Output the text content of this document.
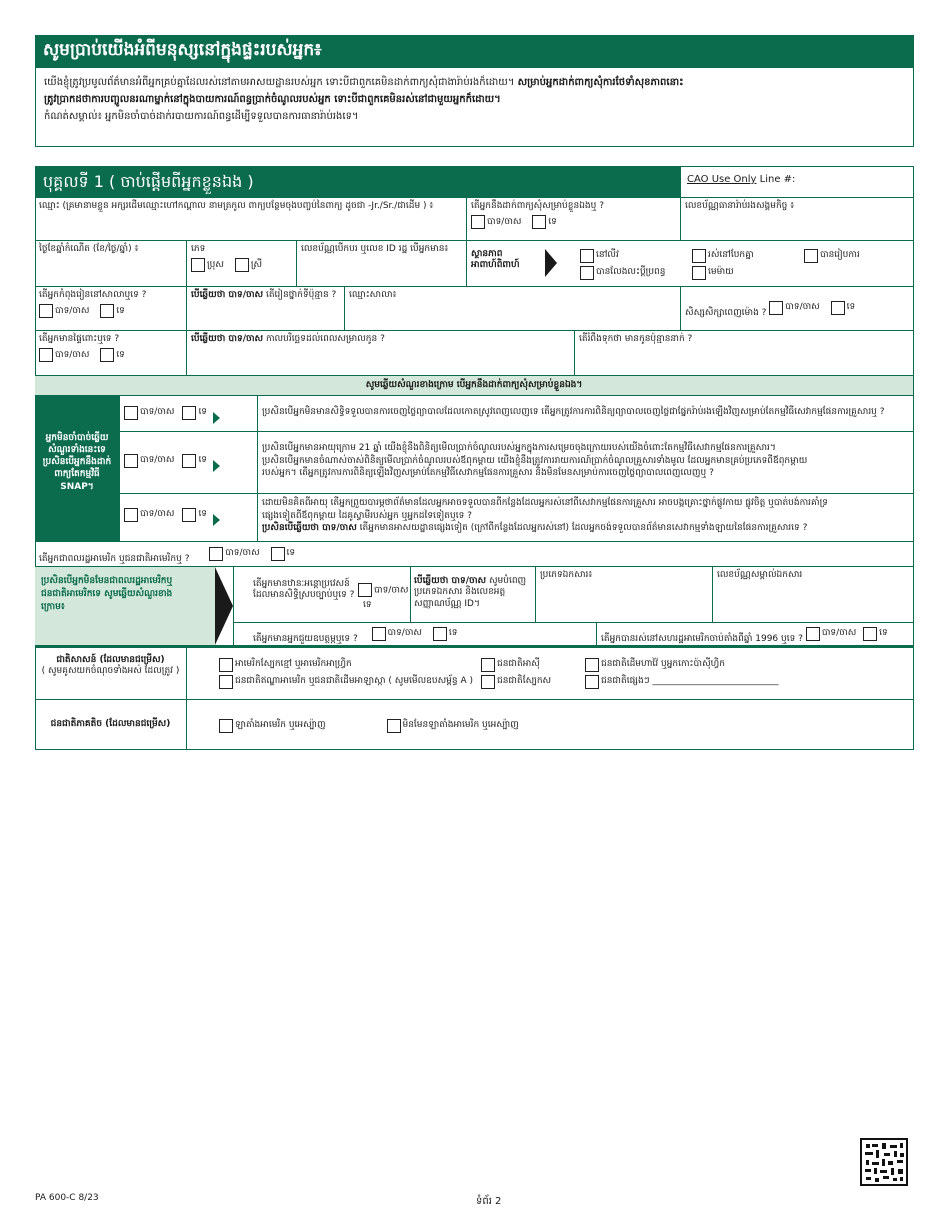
សូមប្រាប់យើងអំពីមនុស្សនៅក្នុងផ្ទះរបស់អ្នក៖
យើងខ្ញុំត្រូវប្រមូលព័ត៌មានអំពីអ្នកគ្រប់គ្នាដែលរស់នៅតាមអាសយដ្ឋានរបស់អ្នក ទោះបីជាពួកគេមិនដាក់ពាក្យសុំជាងារ៉ាប់រងក៏ដោយ។ សម្រាប់អ្នកដាក់ពាក្យសុំការថែទាំសុខភាពនោះ
ត្រូវប្រាកដថាការបញ្ចូលនរណាម្នាក់នៅក្នុងបាយការណ៍ពន្ធប្រាក់ចំណូលរបស់អ្នក ទោះបីជាពួកគេមិនរស់នៅជាមួយអ្នកក៏ដោយ។
កំណត់សម្គាល់៖ អ្នកមិនចាំបាច់ដាក់របាយការណ៍ពន្ធដើម្បីទទួលបានការធានារ៉ាប់រងទេ។
បុគ្គលទី 1 ( ចាប់ផ្តើមពីអ្នកខ្លួនឯង )	CAO Use Only Line #:
ឈ្មោះ (គ្រមានាមខ្លួន អក្សរដើមឈ្មោះហៅកណ្តាល នាមត្រកូល ពាក្យបន្ថែមចុងបញ្ចប់នៃពាក្យ ដូចជា -Jr./Sr./ជាដើម ) ៖	តើអ្នកនឹងដាក់ពាក្យសុំសម្រាប់ខ្លួនឯងឬ ?
បាទ/ចាស
	ទេ
លេខប័ណ្ណធានារ៉ាប់រងសង្គមកិច្ច ៖
ថ្ងៃខែឆ្នាំកំណើត (ខែ/ថ្ងៃ/ឆ្នាំ) ៖	ភេទ
ប្រុស
	ស្រី
លេខប័ណ្ណបើកបរ ឬលេខ ID រដ្ឋ បើអ្នកមាន៖	ស្ថានភាពអាពាហ៍ពិពាហ៍
នៅលីវ	រស់នៅបែកគ្នា	បានរៀបការ
បានលែងលះប្តីប្រពន្ធ	មេម៉ាយ
តើអ្នកកំពុងរៀននៅសាលាឬទេ ?
បាទ/ចាស
	ទេ
បើឆ្លើយថា បាទ/ចាស តើរៀនថ្នាក់ទីប៉ុន្មាន ?	ឈ្មោះសាលា៖
សិស្សសិក្សាពេញម៉ោង ?
បាទ/ចាស
	ទេ
តើអ្នកមានផ្ទៃពោះឬទេ ?
បាទ/ចាស
	ទេ
បើឆ្លើយថា បាទ/ចាស កាលបរិច្ឆេទដល់ពេលសម្រាលកូន ?	តើរំពឹងទុកថា មានកូនប៉ុន្មាននាក់ ?
សូមឆ្លើយសំណួរខាងក្រោម បើអ្នកនឹងដាក់ពាក្យសុំសម្រាប់ខ្លួនឯង។
អ្នកមិនចាំបាច់ឆ្លើយសំណួរទាំងនេះទេ ប្រសិនបើអ្នកនឹងដាក់ពាក្យតែកម្មវិធី SNAP។
បាទ/ចាស	ទេ	ប្រសិនបើអ្នកមិនមានសិទ្ធិទទួលបានការចេញថ្លៃព្យាបាលដែលកោតស្រូវពេញលេញទេ តើអ្នកត្រូវការការពិនិត្យព្យាបាលចេញថ្លៃជាផ្នែករ៉ាប់រងឡើងវិញសម្រាប់តែកម្មវិធីសេវាកម្មផែនការគ្រួសារឬ ?
បាទ/ចាស	ទេ
ប្រសិនបើអ្នកមានអាយុក្រោម 21 ឆ្នាំ យើងខ្ញុំនឹងពិនិត្យមើលប្រាក់ចំណូលរបស់អ្នកក្នុងការសម្រេចចុងក្រោយរបស់យើងចំពោះតែកម្មវិធីសេវាកម្មផែនការគ្រួសារ។
ប្រសិនបើអ្នកមានចំណាស់ចាស់ពិនិត្យមើលប្រាក់ចំណូលរបស់ឪពុកម្តាយ យើងខ្ញុំនឹងត្រូវការរាយការណ៍ប្រាក់ចំណូលគ្រួសារទាំងមូល ដែលអ្នកមានគ្រប់ប្រភេទពីឪពុកម្តាយ
របស់អ្នក។ តើអ្នកត្រូវការការពិនិត្យឡើងវិញសម្រាប់តែកម្មវិធីសេវាកម្មផែនការគ្រួសារ និងមិនមែនសម្រាប់ការចេញថ្លៃព្យាបាលពេញលេញឬ ?
បាទ/ចាស	ទេ
ដោយមិនគិតពីអាយុ តើអ្នកព្រួយបារម្ភថាព័ត៌មានដែលអ្នកអាចទទួលបានពីកន្លែងដែលអ្នករស់នៅពីសេវាកម្មផែនការគ្រួសារ អាចបង្កគ្រោះថ្នាក់ផ្លូវកាយ ផ្លូវចិត្ត ឬបាត់បង់ការគាំទ្រ
ផ្សេងទៀតពីឪពុកម្តាយ ដៃគូស្វាមីរបស់អ្នក ឬអ្នកដទៃទៀតឬទេ ?
ប្រសិនបើឆ្លើយថា បាទ/ចាស តើអ្នកមានអាសយដ្ឋានផ្សេងទៀត (ក្រៅពីកន្លែងដែលអ្នករស់នៅ) ដែលអ្នកចង់ទទួលបានព័ត៌មានសេវាកម្មទាំងឡាយនៃផែនការគ្រួសារទេ ?
តើអ្នកជាពលរដ្ឋអាមេរិក ឬជនជាតិអាមេរិកឬ ?
បាទ/ចាស
	ទេ
ប្រសិនបើអ្នកមិនមែនជាពលរដ្ឋអាមេរិកឬជនជាតិអាមេរិកទេ សូមឆ្លើយសំណួរខាងក្រោម៖
តើអ្នកមានឋានៈអន្តោប្រវេសន៍ដែលមានសិទ្ធិស្របច្បាប់ឬទេ ?	បាទ/ចាស
ទេ
បើឆ្លើយថា បាទ/ចាស សូមបំពេញប្រភេទឯកសារ និងលេខអត្តសញ្ញាណប័ណ្ណ ID។
ប្រភេទឯកសារ៖	លេខប័ណ្ណសម្គាល់ឯកសារ
តើអ្នកមានអ្នកជួយឧបត្ថម្ភឬទេ ?
បាទ/ចាស
	ទេ
តើអ្នកបានរស់នៅសហរដ្ឋអាមេរិកចាប់តាំងពីឆ្នាំ 1996 ឬទេ ?
បាទ/ចាស
	ទេ
ជាតិសាសន៍ (ដែលមានជម្រើស)
( សូមគូសយកចំណុចទាំងអស់ ដែលត្រូវ )
អាមេរិកស្បែកខ្មៅ ឬអាមេរិកអាហ្វ្រិក
ជនជាតិឥណ្ឌាអាមេរិក ឬជនជាតិដើមអាឡាស្កា ( សូមមើលឧបសម្ព័ន្ធ A )
ជនជាតិអាស៊ី
ជនជាតិស្បែកស
ជនជាតិដើមហាវ៉ៃ ឬអ្នកកោះប៉ាស៊ីហ្វិក
ជនជាតិផ្សេងៗ ____________________________
ជនជាតិភាគតិច (ដែលមានជម្រើស)	ឡាតាំងអាមេរិក ឬអេស្ប៉ាញ
	មិនមែនឡាតាំងអាមេរិក ឬអេស្ប៉ាញ
PA 600-C 8/23	ទំព័រ 2
